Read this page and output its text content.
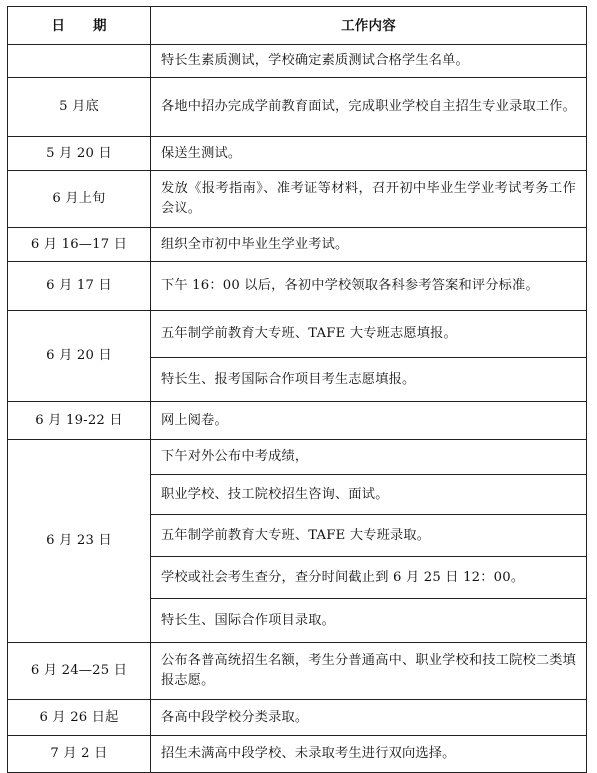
日期	工作内容
	特长生素质测试，学校确定素质测试合格学生名单。
5 月底	各地中招办完成学前教育面试，完成职业学校自主招生专业录取工作。
5 月 20 日	保送生测试。
6 月上旬	发放《报考指南》、准考证等材料，召开初中毕业生学业考试考务工作会议。
6 月 16—17 日	组织全市初中毕业生学业考试。
6 月 17 日	下午 16：00 以后，各初中学校领取各科参考答案和评分标准。
6 月 20 日	五年制学前教育大专班、TAFE 大专班志愿填报。
	特长生、报考国际合作项目考生志愿填报。
6 月 19-22 日	网上阅卷。
6 月 23 日	下午对外公布中考成绩，
	职业学校、技工院校招生咨询、面试。
	五年制学前教育大专班、TAFE 大专班录取。
	学校或社会考生查分，查分时间截止到 6 月 25 日 12：00。
	特长生、国际合作项目录取。
6 月 24—25 日	公布各普高统招生名额，考生分普通高中、职业学校和技工院校二类填报志愿。
6 月 26 日起	各高中段学校分类录取。
7 月 2 日	招生未满高中段学校、未录取考生进行双向选择。
